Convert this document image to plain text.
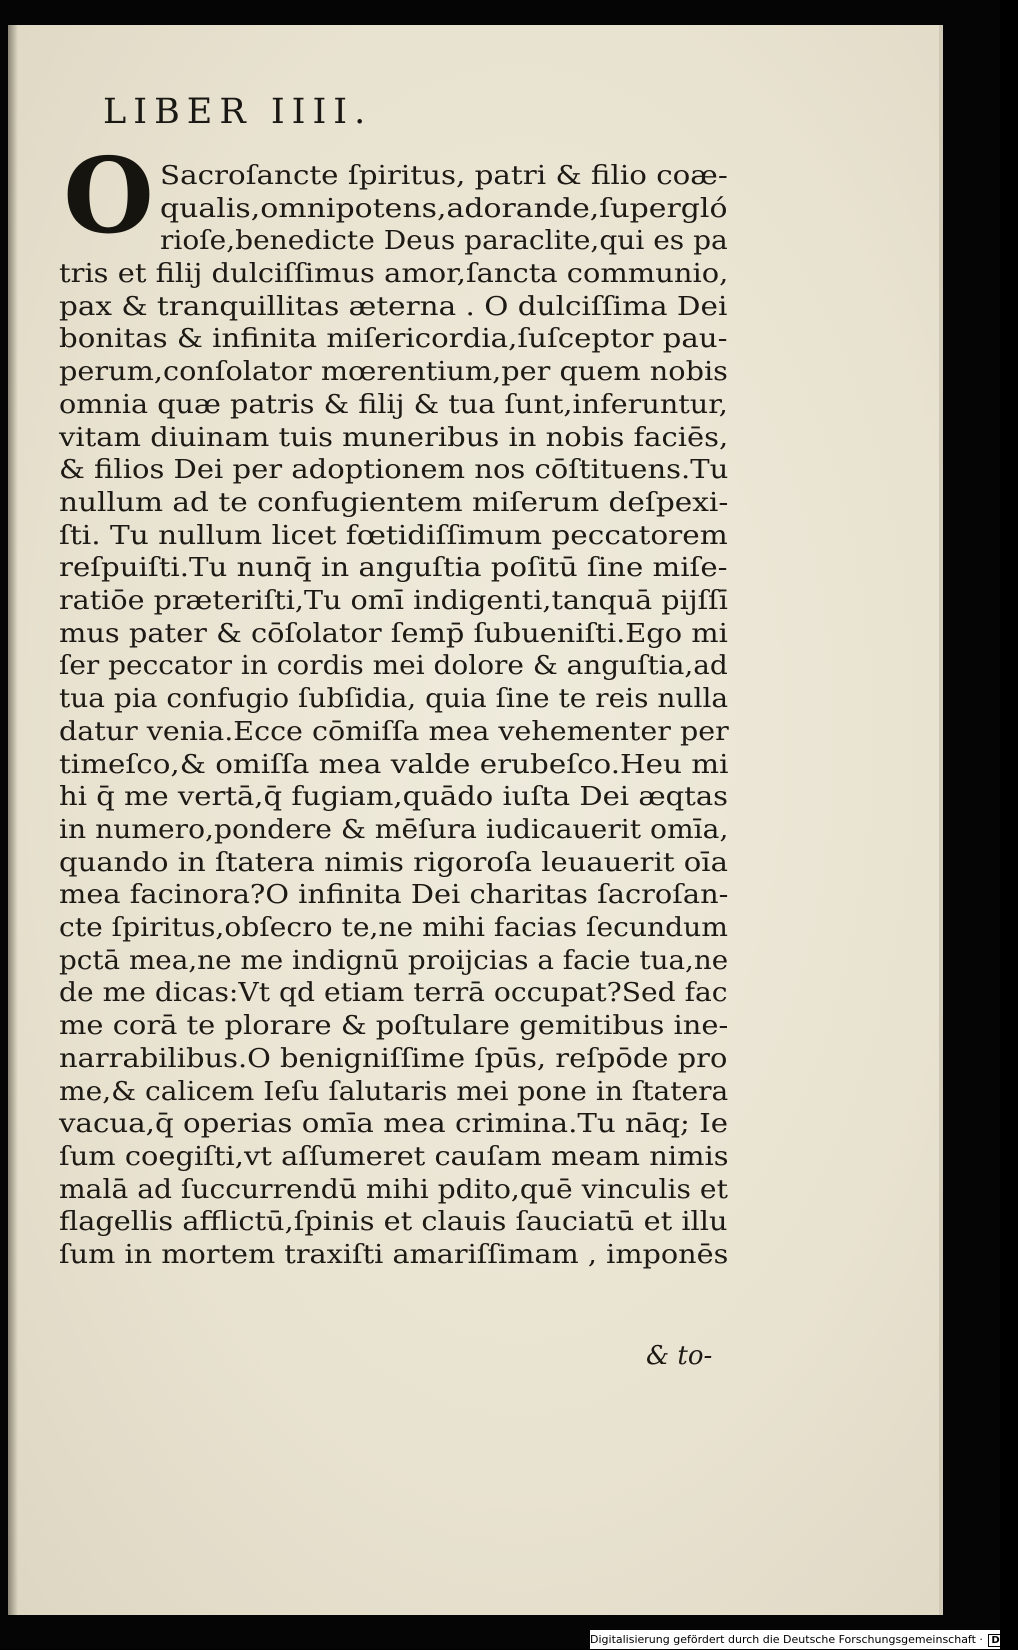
LIBER IIII.
O Sacroſancte ſpiritus, patri & filio coæ-
qualis,omnipotens,adorande,ſupergló
rioſe,benedicte Deus paraclite,qui es pa
tris et filij dulciſſimus amor,ſancta communio,
pax & tranquillitas æterna . O dulciſſima Dei
bonitas & infinita miſericordia,ſuſceptor pau-
perum,conſolator mœrentium,per quem nobis
omnia quæ patris & filij & tua ſunt,inferuntur,
vitam diuinam tuis muneribus in nobis faciēs,
& filios Dei per adoptionem nos cōſtituens.Tu
nullum ad te confugientem miſerum deſpexi-
ſti. Tu nullum licet fœtidiſſimum peccatorem
reſpuiſti.Tu nunq̄ in anguſtia poſitū ſine miſe-
ratiōe præteriſti,Tu omī indigenti,tanquā pijſſī
mus pater & cōſolator ſemp̄ ſubueniſti.Ego mi
ſer peccator in cordis mei dolore & anguſtia,ad
tua pia confugio ſubſidia, quia ſine te reis nulla
datur venia.Ecce cōmiſſa mea vehementer per
timeſco,& omiſſa mea valde erubeſco.Heu mi
hi q̄ me vertā,q̄ fugiam,quādo iuſta Dei æqtas
in numero,pondere & mēſura iudicauerit omīa,
quando in ſtatera nimis rigoroſa leuauerit oīa
mea facinora?O infinita Dei charitas ſacroſan-
cte ſpiritus,obſecro te,ne mihi facias ſecundum
pctā mea,ne me indignū proijcias a facie tua,ne
de me dicas:Vt qd etiam terrā occupat?Sed fac
me corā te plorare & poſtulare gemitibus ine-
narrabilibus.O benigniſſime ſpūs, reſpōde pro
me,& calicem Ieſu ſalutaris mei pone in ſtatera
vacua,q̄ operias omīa mea crimina.Tu nāq; Ie
ſum coegiſti,vt aſſumeret cauſam meam nimis
malā ad ſuccurrendū mihi pdito,quē vinculis et
flagellis afflictū,ſpinis et clauis ſauciatū et illu
ſum in mortem traxiſti amariſſimam , imponēs
& to-
Digitalisierung gefördert durch die Deutsche Forschungsgemeinschaft · DFG
